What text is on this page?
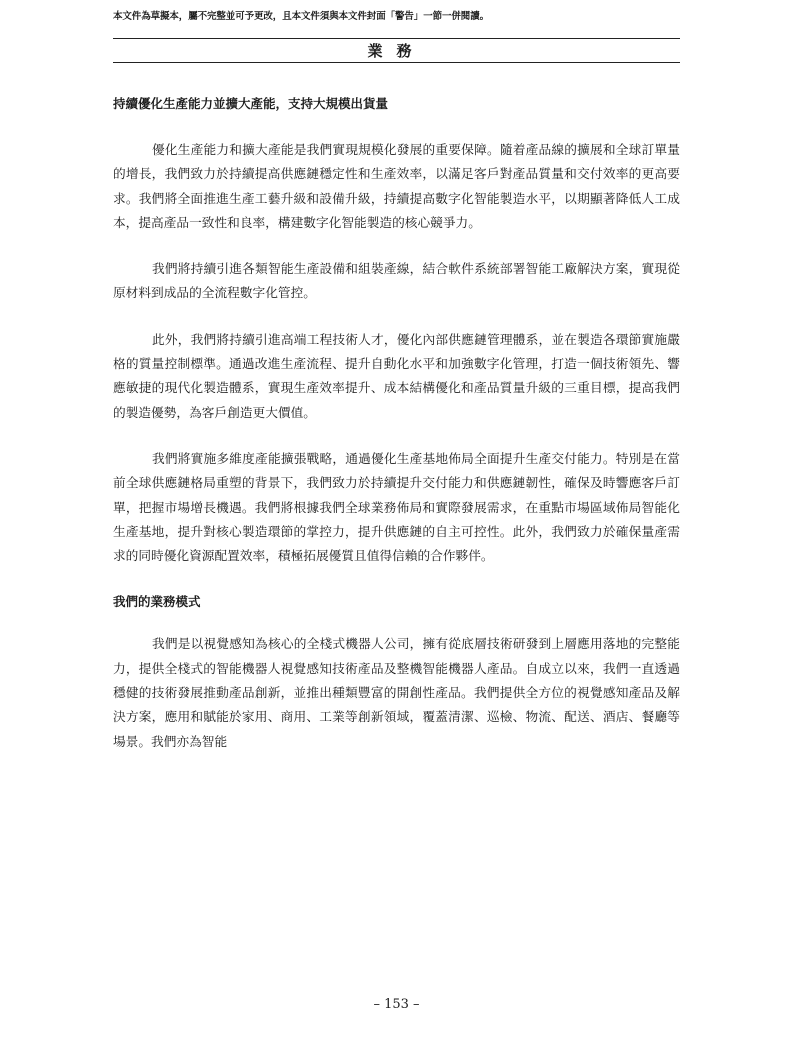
本文件為草擬本，屬不完整並可予更改，且本文件須與本文件封面「警告」一節一併閱讀。
業務
持續優化生產能力並擴大產能，支持大規模出貨量

優化生產能力和擴大產能是我們實現規模化發展的重要保障。隨着產品線的擴展和全球訂單量的增長，我們致力於持續提高供應鏈穩定性和生產效率，以滿足客戶對產品質量和交付效率的更高要求。我們將全面推進生產工藝升級和設備升級，持續提高數字化智能製造水平，以期顯著降低人工成本，提高產品一致性和良率，構建數字化智能製造的核心競爭力。

我們將持續引進各類智能生產設備和組裝產線，結合軟件系統部署智能工廠解決方案，實現從原材料到成品的全流程數字化管控。

此外，我們將持續引進高端工程技術人才，優化內部供應鏈管理體系，並在製造各環節實施嚴格的質量控制標準。通過改進生產流程、提升自動化水平和加強數字化管理，打造一個技術領先、響應敏捷的現代化製造體系，實現生產效率提升、成本結構優化和產品質量升級的三重目標，提高我們的製造優勢，為客戶創造更大價值。

我們將實施多維度產能擴張戰略，通過優化生產基地佈局全面提升生產交付能力。特別是在當前全球供應鏈格局重塑的背景下，我們致力於持續提升交付能力和供應鏈韌性，確保及時響應客戶訂單，把握市場增長機遇。我們將根據我們全球業務佈局和實際發展需求，在重點市場區域佈局智能化生產基地，提升對核心製造環節的掌控力，提升供應鏈的自主可控性。此外，我們致力於確保量產需求的同時優化資源配置效率，積極拓展優質且值得信賴的合作夥伴。

我們的業務模式

我們是以視覺感知為核心的全棧式機器人公司，擁有從底層技術研發到上層應用落地的完整能力，提供全棧式的智能機器人視覺感知技術產品及整機智能機器人產品。自成立以來，我們一直透過穩健的技術發展推動產品創新，並推出種類豐富的開創性產品。我們提供全方位的視覺感知產品及解決方案，應用和賦能於家用、商用、工業等創新領域，覆蓋清潔、巡檢、物流、配送、酒店、餐廳等場景。我們亦為智能

– 153 –
